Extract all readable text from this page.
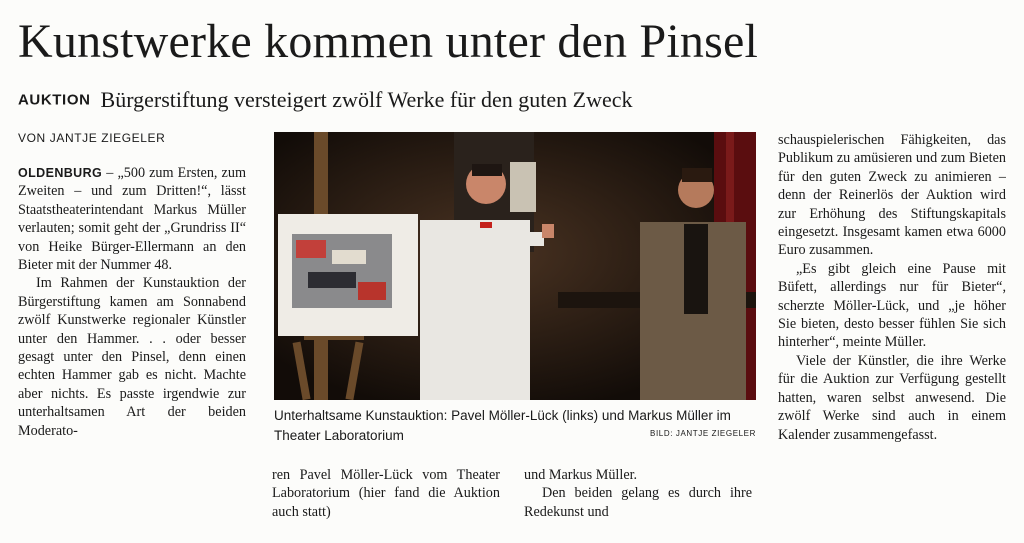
Kunstwerke kommen unter den Pinsel
AUKTION Bürgerstiftung versteigert zwölf Werke für den guten Zweck
VON JANTJE ZIEGELER

OLDENBURG – „500 zum Ersten, zum Zweiten – und zum Dritten!“, lässt Staatstheaterintendant Markus Müller verlauten; somit geht der „Grundriss II“ von Heike Bürger-Ellermann an den Bieter mit der Nummer 48.

Im Rahmen der Kunstauktion der Bürgerstiftung kamen am Sonnabend zwölf Kunstwerke regionaler Künstler unter den Hammer. . . oder besser gesagt unter den Pinsel, denn einen echten Hammer gab es nicht. Machte aber nichts. Es passte irgendwie zur unterhaltsamen Art der beiden Moderato-

Unterhaltsame Kunstauktion: Pavel Möller-Lück (links) und Markus Müller im Theater Laboratorium	BILD: JANTJE ZIEGELER

ren Pavel Möller-Lück vom Theater Laboratorium (hier fand die Auktion auch statt)

und Markus Müller.

Den beiden gelang es durch ihre Redekunst und

schauspielerischen Fähigkeiten, das Publikum zu amüsieren und zum Bieten für den guten Zweck zu animieren – denn der Reinerlös der Auktion wird zur Erhöhung des Stiftungskapitals eingesetzt. Insgesamt kamen etwa 6000 Euro zusammen.

„Es gibt gleich eine Pause mit Büfett, allerdings nur für Bieter“, scherzte Möller-Lück, und „je höher Sie bieten, desto besser fühlen Sie sich hinterher“, meinte Müller.

Viele der Künstler, die ihre Werke für die Auktion zur Verfügung gestellt hatten, waren selbst anwesend. Die zwölf Werke sind auch in einem Kalender zusammengefasst.
